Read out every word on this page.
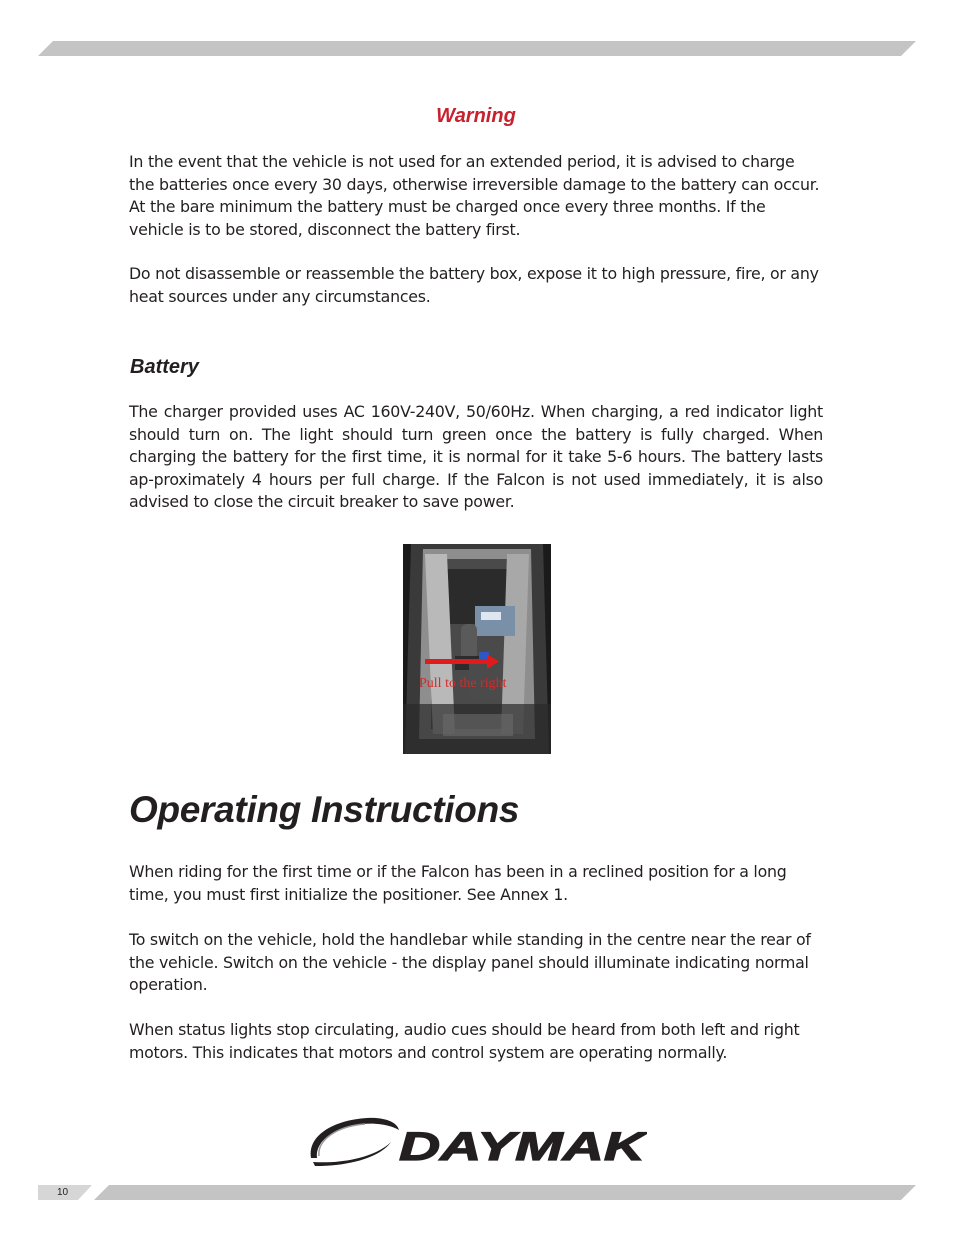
Warning

In the event that the vehicle is not used for an extended period, it is advised to charge the batteries once every 30 days, otherwise irreversible damage to the battery can occur. At the bare minimum the battery must be charged once every three months. If the vehicle is to be stored, disconnect the battery first.

Do not disassemble or reassemble the battery box, expose it to high pressure, fire, or any heat sources under any circumstances.

Battery

The charger provided uses AC 160V-240V, 50/60Hz. When charging, a red indicator light should turn on. The light should turn green once the battery is fully charged. When charging the battery for the first time, it is normal for it take 5-6 hours. The battery lasts ap-proximately 4 hours per full charge. If the Falcon is not used immediately, it is also advised to close the circuit breaker to save power.

Pull to the right
Operating Instructions

When riding for the first time or if the Falcon has been in a reclined position for a long time, you must first initialize the positioner. See Annex 1.

To switch on the vehicle, hold the handlebar while standing in the centre near the rear of the vehicle. Switch on the vehicle - the display panel should illuminate indicating normal operation.

When status lights stop circulating, audio cues should be heard from both left and right motors. This indicates that motors and control system are operating normally.

DAYMAK
10
